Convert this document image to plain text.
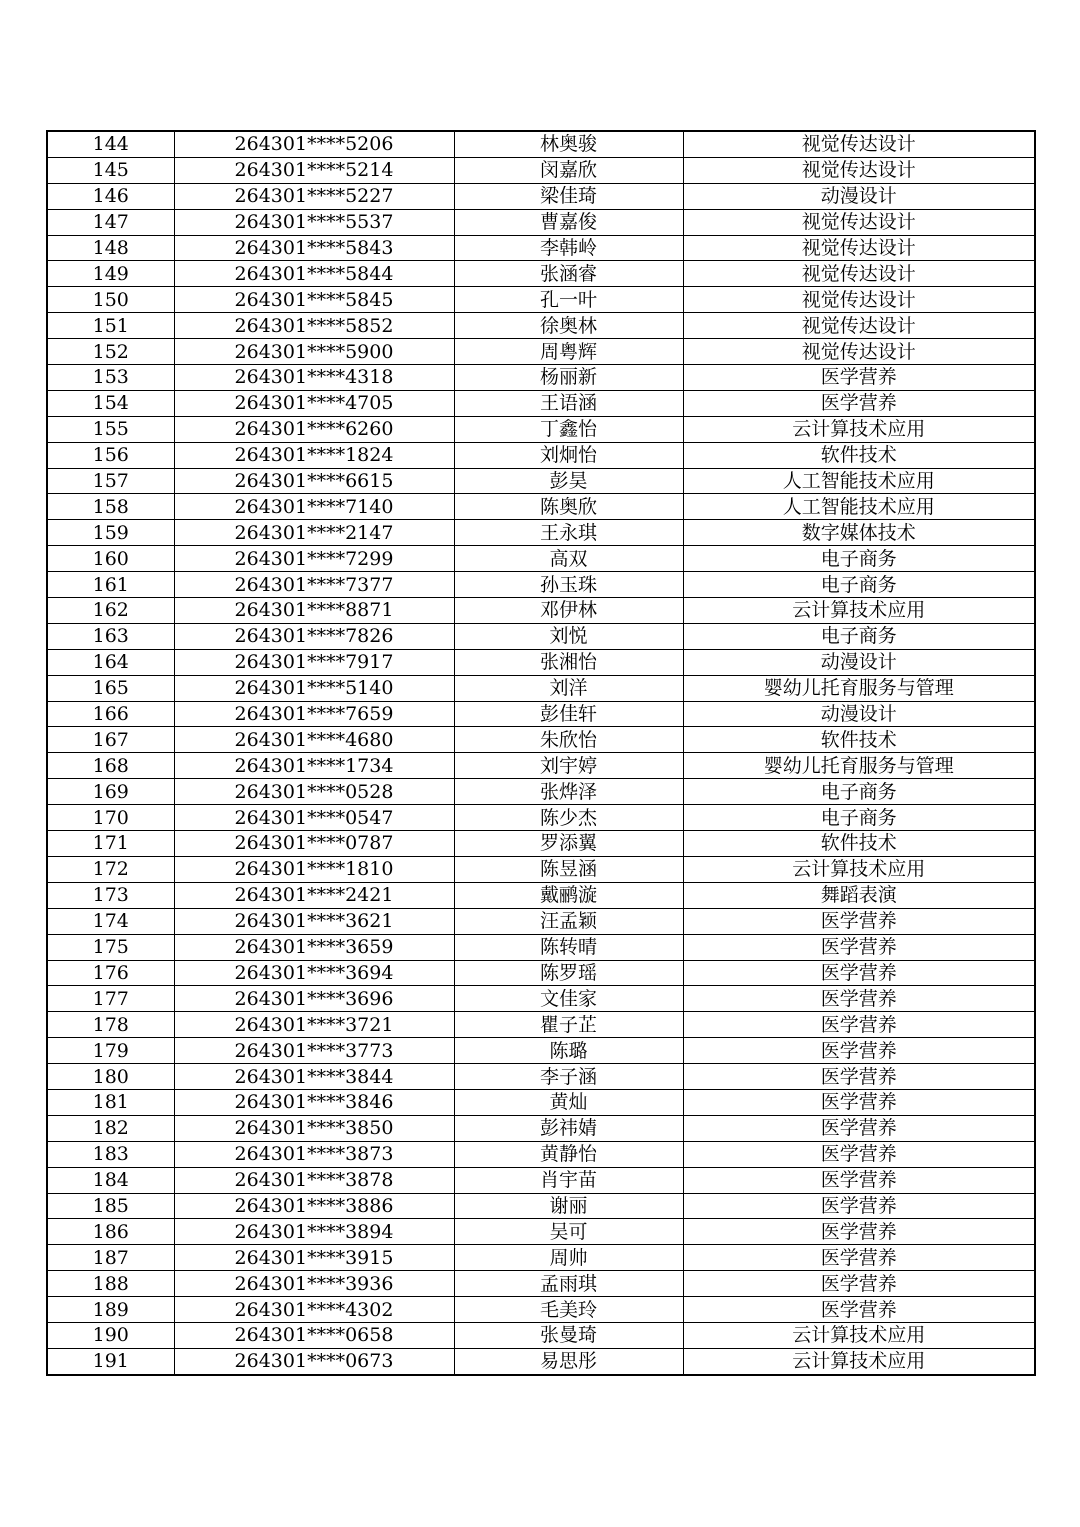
144	264301****5206	林奥骏	视觉传达设计
145	264301****5214	闵嘉欣	视觉传达设计
146	264301****5227	梁佳琦	动漫设计
147	264301****5537	曹嘉俊	视觉传达设计
148	264301****5843	李韩岭	视觉传达设计
149	264301****5844	张涵睿	视觉传达设计
150	264301****5845	孔一叶	视觉传达设计
151	264301****5852	徐奥林	视觉传达设计
152	264301****5900	周粤辉	视觉传达设计
153	264301****4318	杨丽新	医学营养
154	264301****4705	王语涵	医学营养
155	264301****6260	丁鑫怡	云计算技术应用
156	264301****1824	刘炯怡	软件技术
157	264301****6615	彭昊	人工智能技术应用
158	264301****7140	陈奥欣	人工智能技术应用
159	264301****2147	王永琪	数字媒体技术
160	264301****7299	高双	电子商务
161	264301****7377	孙玉珠	电子商务
162	264301****8871	邓伊林	云计算技术应用
163	264301****7826	刘悦	电子商务
164	264301****7917	张湘怡	动漫设计
165	264301****5140	刘洋	婴幼儿托育服务与管理
166	264301****7659	彭佳轩	动漫设计
167	264301****4680	朱欣怡	软件技术
168	264301****1734	刘宇婷	婴幼儿托育服务与管理
169	264301****0528	张烨泽	电子商务
170	264301****0547	陈少杰	电子商务
171	264301****0787	罗添翼	软件技术
172	264301****1810	陈昱涵	云计算技术应用
173	264301****2421	戴鹂漩	舞蹈表演
174	264301****3621	汪孟颖	医学营养
175	264301****3659	陈转晴	医学营养
176	264301****3694	陈罗瑶	医学营养
177	264301****3696	文佳家	医学营养
178	264301****3721	瞿子芷	医学营养
179	264301****3773	陈璐	医学营养
180	264301****3844	李子涵	医学营养
181	264301****3846	黄灿	医学营养
182	264301****3850	彭祎婧	医学营养
183	264301****3873	黄静怡	医学营养
184	264301****3878	肖宇苗	医学营养
185	264301****3886	谢丽	医学营养
186	264301****3894	吴可	医学营养
187	264301****3915	周帅	医学营养
188	264301****3936	孟雨琪	医学营养
189	264301****4302	毛美玲	医学营养
190	264301****0658	张曼琦	云计算技术应用
191	264301****0673	易思彤	云计算技术应用
